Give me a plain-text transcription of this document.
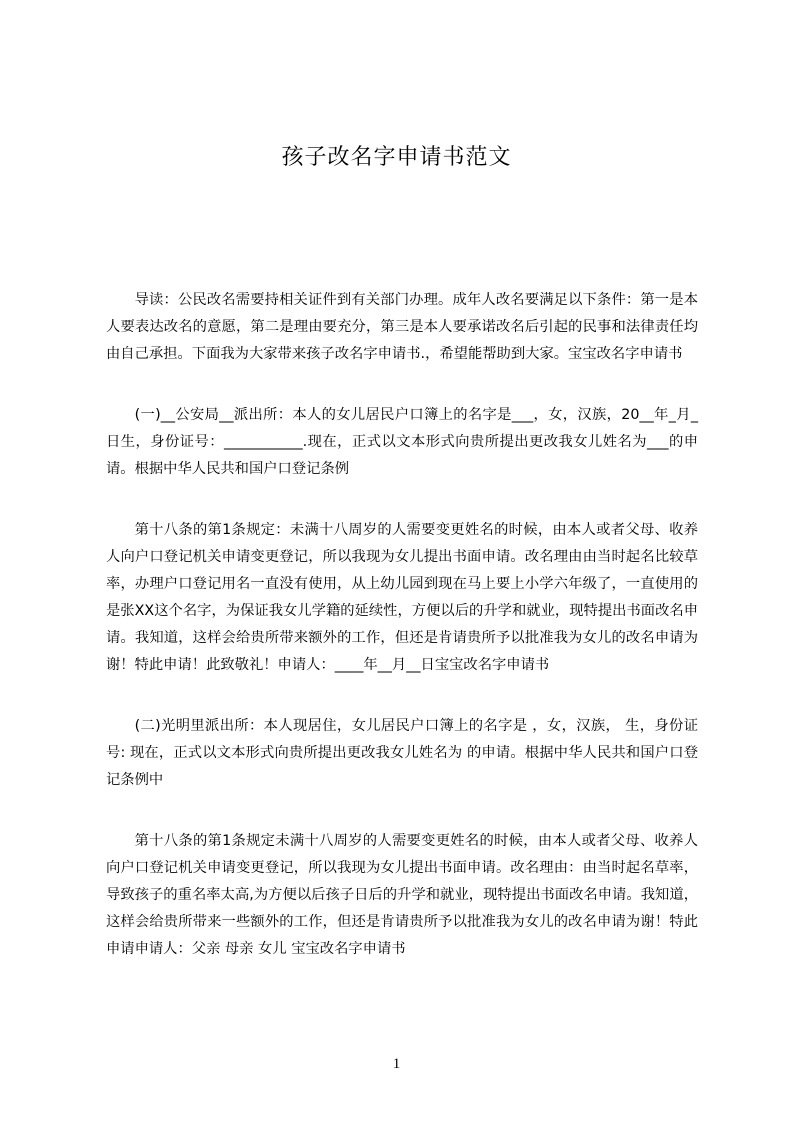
孩子改名字申请书范文

导读：公民改名需要持相关证件到有关部门办理。成年人改名要满足以下条件：第一是本人要表达改名的意愿，第二是理由要充分，第三是本人要承诺改名后引起的民事和法律责任均由自己承担。下面我为大家带来孩子改名字申请书.，希望能帮助到大家。宝宝改名字申请书

(一)__公安局__派出所：本人的女儿居民户口簿上的名字是___，女，汉族，20__年_月_日生，身份证号：___________.现在，正式以文本形式向贵所提出更改我女儿姓名为___的申请。根据中华人民共和国户口登记条例

第十八条的第1条规定：未满十八周岁的人需要变更姓名的时候，由本人或者父母、收养人向户口登记机关申请变更登记，所以我现为女儿提出书面申请。改名理由由当时起名比较草率，办理户口登记用名一直没有使用，从上幼儿园到现在马上要上小学六年级了，一直使用的是张XX这个名字，为保证我女儿学籍的延续性，方便以后的升学和就业，现特提出书面改名申请。我知道，这样会给贵所带来额外的工作，但还是肯请贵所予以批准我为女儿的改名申请为谢！特此申请！此致敬礼！申请人：____年__月__日宝宝改名字申请书

(二)光明里派出所：本人现居住，女儿居民户口簿上的名字是 ，女，汉族， 生，身份证号: 现在，正式以文本形式向贵所提出更改我女儿姓名为 的申请。根据中华人民共和国户口登记条例中

第十八条的第1条规定未满十八周岁的人需要变更姓名的时候，由本人或者父母、收养人向户口登记机关申请变更登记，所以我现为女儿提出书面申请。改名理由：由当时起名草率，导致孩子的重名率太高,为方便以后孩子日后的升学和就业，现特提出书面改名申请。我知道，这样会给贵所带来一些额外的工作，但还是肯请贵所予以批准我为女儿的改名申请为谢！特此申请申请人：父亲 母亲 女儿 宝宝改名字申请书

1
